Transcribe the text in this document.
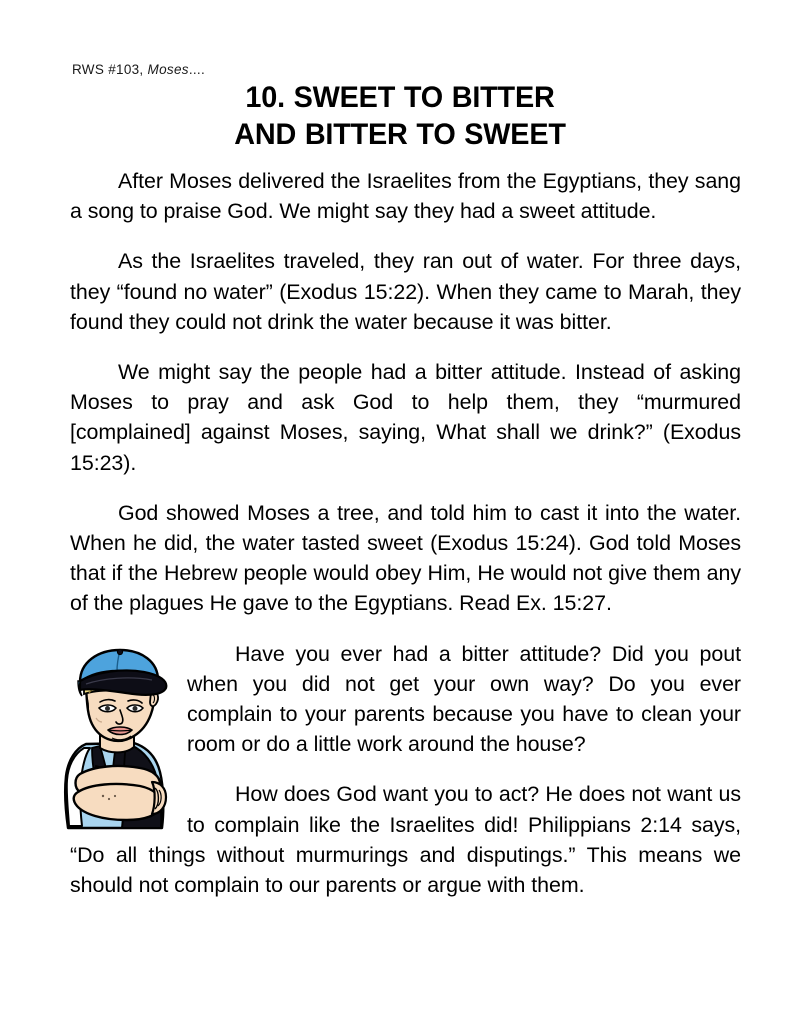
RWS #103, Moses....
10. SWEET TO BITTER
AND BITTER TO SWEET

After Moses delivered the Israelites from the Egyptians, they sang a song to praise God. We might say they had a sweet attitude.

As the Israelites traveled, they ran out of water. For three days, they “found no water” (Exodus 15:22). When they came to Marah, they found they could not drink the water because it was bitter.

We might say the people had a bitter attitude. Instead of asking Moses to pray and ask God to help them, they “murmured [complained] against Moses, saying, What shall we drink?” (Exodus 15:23).

God showed Moses a tree, and told him to cast it into the water. When he did, the water tasted sweet (Exodus 15:24). God told Moses that if the Hebrew people would obey Him, He would not give them any of the plagues He gave to the Egyptians. Read Ex. 15:27.

Have you ever had a bitter attitude? Did you pout when you did not get your own way? Do you ever complain to your parents because you have to clean your room or do a little work around the house?

How does God want you to act? He does not want us to complain like the Israelites did! Philippians 2:14 says, “Do all things without murmurings and disputings.” This means we should not complain to our parents or argue with them.
